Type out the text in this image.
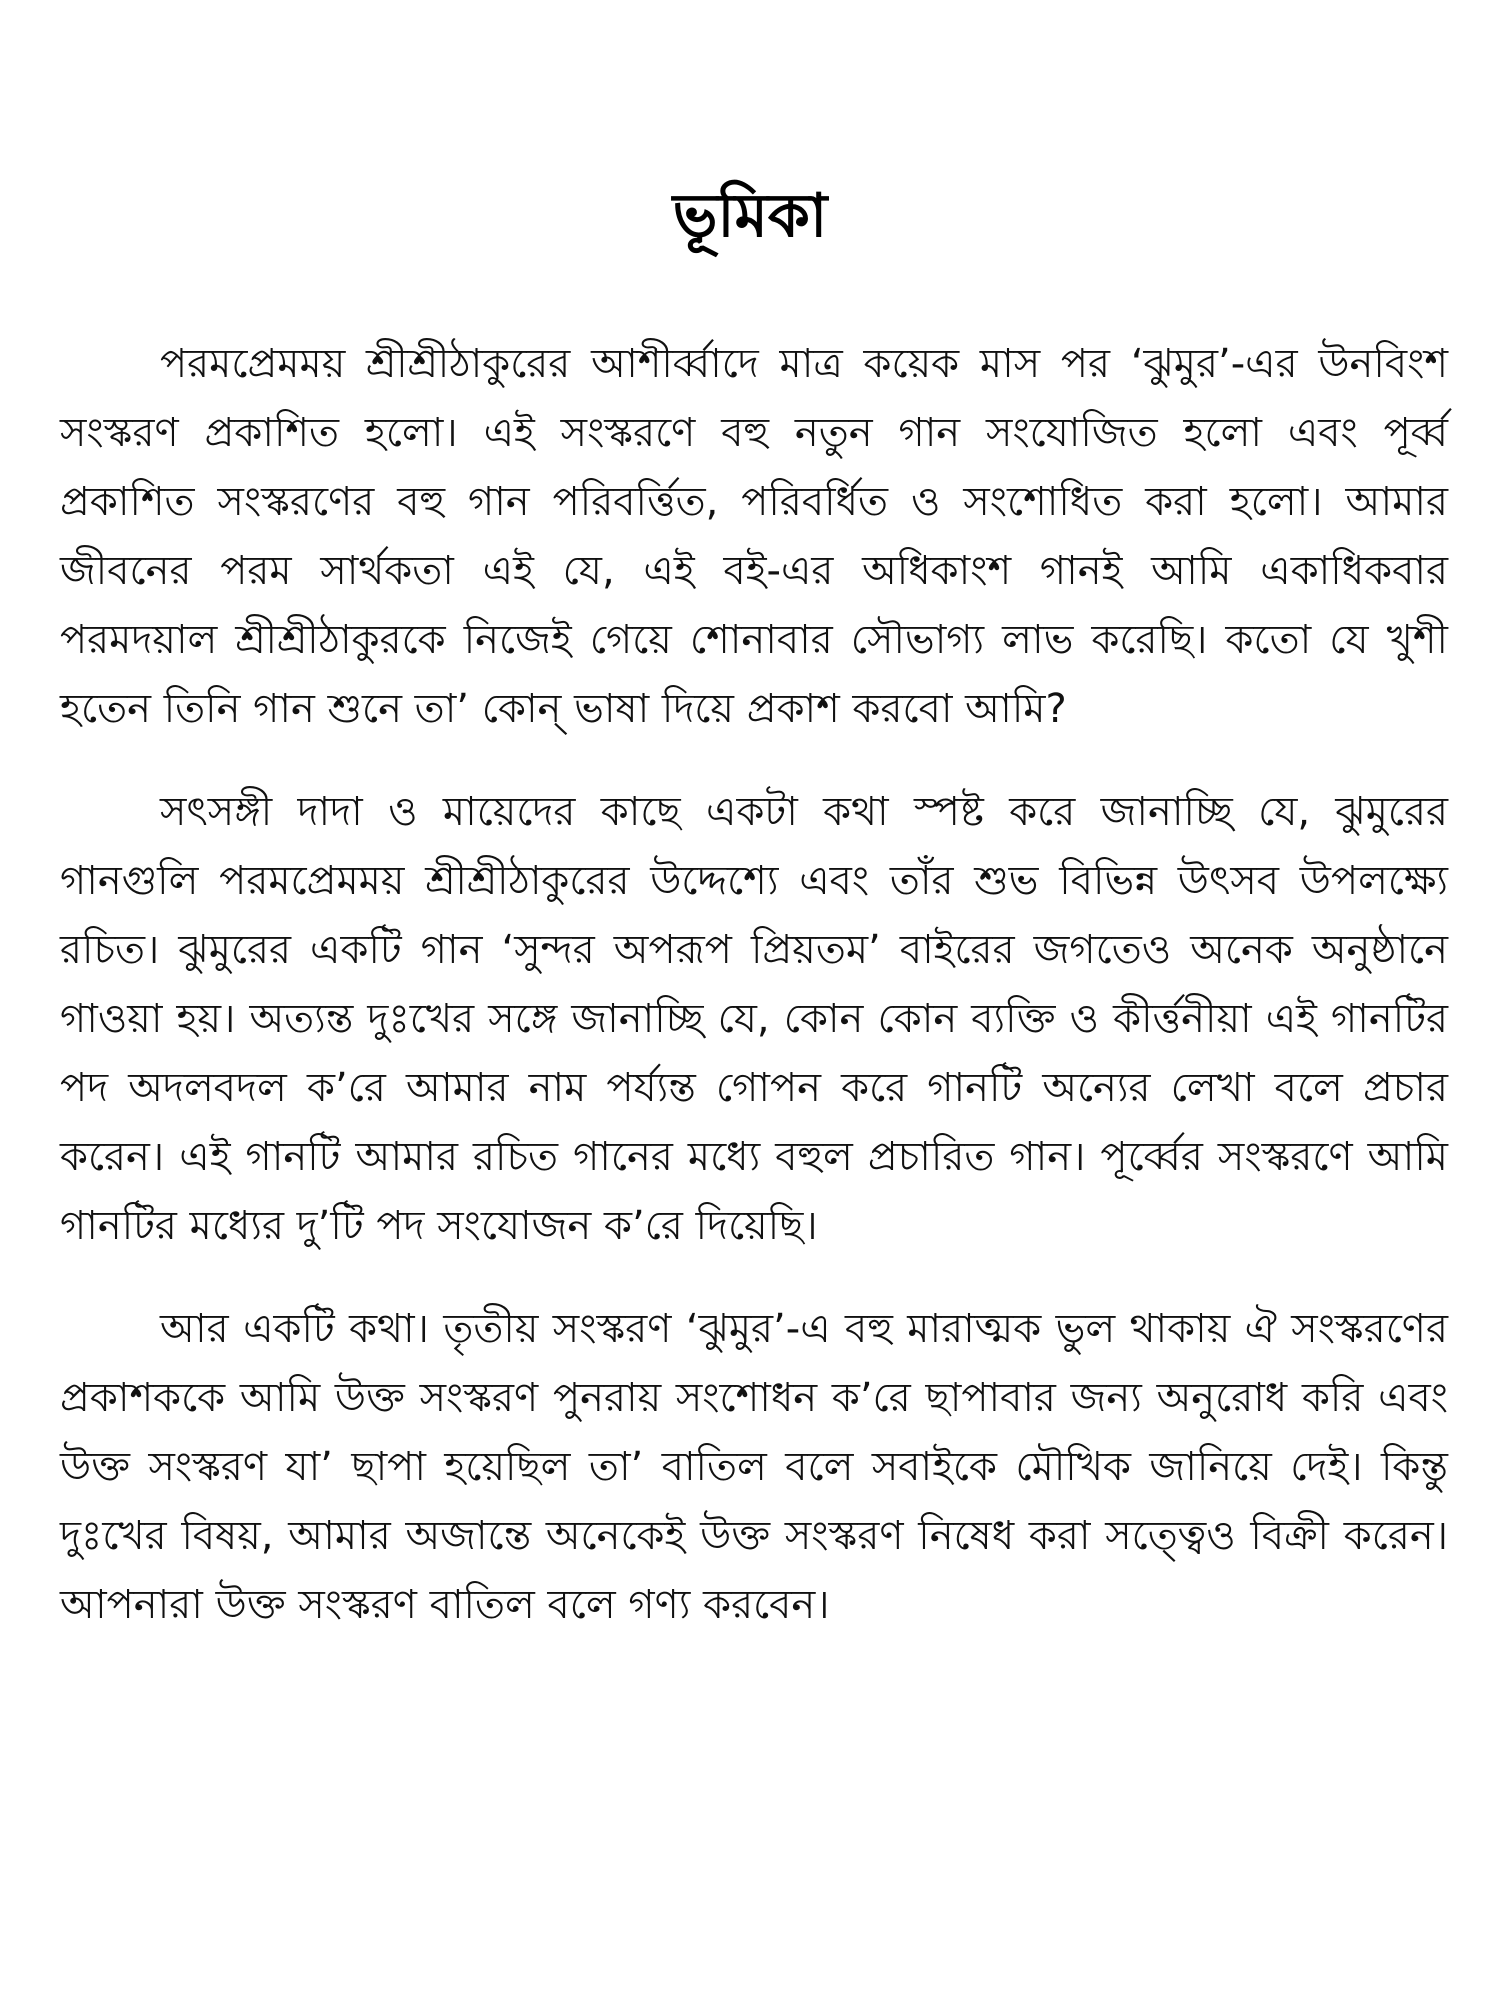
ভূমিকা

পরমপ্রেমময় শ্রীশ্রীঠাকুরের আশীর্ব্বাদে মাত্র কয়েক মাস পর ‘ঝুমুর’-এর উনবিংশ সংস্করণ প্রকাশিত হলো। এই সংস্করণে বহু নতুন গান সংযোজিত হলো এবং পূর্ব্ব প্রকাশিত সংস্করণের বহু গান পরিবর্ত্তিত, পরিবর্ধিত ও সংশোধিত করা হলো। আমার জীবনের পরম সার্থকতা এই যে, এই বই-এর অধিকাংশ গানই আমি একাধিকবার পরমদয়াল শ্রীশ্রীঠাকুরকে নিজেই গেয়ে শোনাবার সৌভাগ্য লাভ করেছি। কতো যে খুশী হতেন তিনি গান শুনে তা’ কোন্ ভাষা দিয়ে প্রকাশ করবো আমি?

সৎসঙ্গী দাদা ও মায়েদের কাছে একটা কথা স্পষ্ট করে জানাচ্ছি যে, ঝুমুরের গানগুলি পরমপ্রেমময় শ্রীশ্রীঠাকুরের উদ্দেশ্যে এবং তাঁর শুভ বিভিন্ন উৎসব উপলক্ষ্যে রচিত। ঝুমুরের একটি গান ‘সুন্দর অপরূপ প্রিয়তম’ বাইরের জগতেও অনেক অনুষ্ঠানে গাওয়া হয়। অত্যন্ত দুঃখের সঙ্গে জানাচ্ছি যে, কোন কোন ব্যক্তি ও কীর্ত্তনীয়া এই গানটির পদ অদলবদল ক’রে আমার নাম পর্য্যন্ত গোপন করে গানটি অন্যের লেখা বলে প্রচার করেন। এই গানটি আমার রচিত গানের মধ্যে বহুল প্রচারিত গান। পূর্ব্বের সংস্করণে আমি গানটির মধ্যের দু’টি পদ সংযোজন ক’রে দিয়েছি।

আর একটি কথা। তৃতীয় সংস্করণ ‘ঝুমুর’-এ বহু মারাত্মক ভুল থাকায় ঐ সংস্করণের প্রকাশককে আমি উক্ত সংস্করণ পুনরায় সংশোধন ক’রে ছাপাবার জন্য অনুরোধ করি এবং উক্ত সংস্করণ যা’ ছাপা হয়েছিল তা’ বাতিল বলে সবাইকে মৌখিক জানিয়ে দেই। কিন্তু দুঃখের বিষয়, আমার অজান্তে অনেকেই উক্ত সংস্করণ নিষেধ করা সত্ত্বেও বিক্রী করেন। আপনারা উক্ত সংস্করণ বাতিল বলে গণ্য করবেন।
